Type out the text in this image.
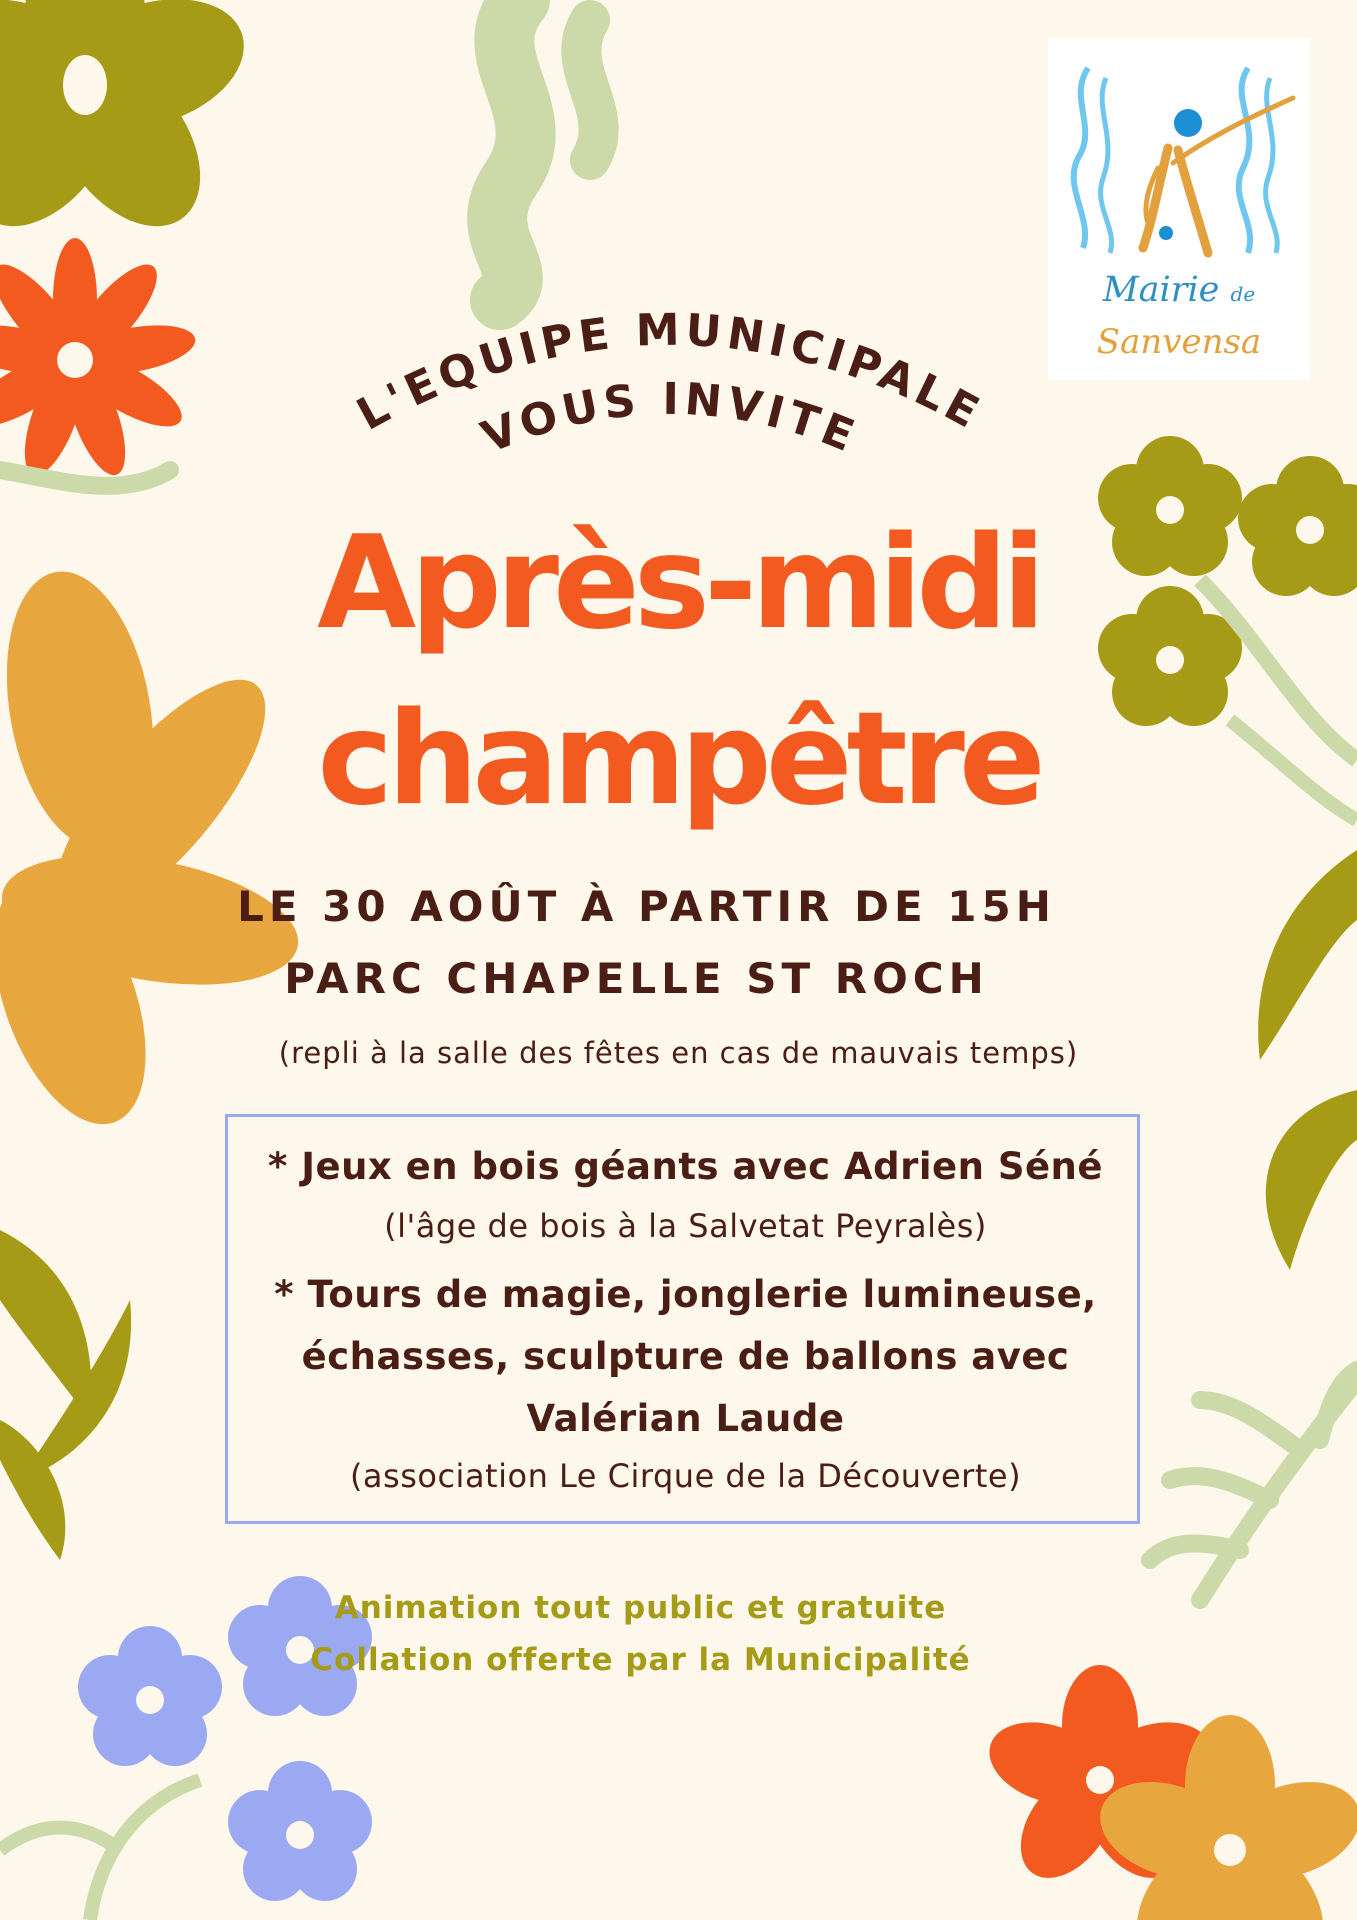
Mairie de
Sanvensa
L'EQUIPE MUNICIPALE
VOUS INVITE
Après-midi
champêtre
LE 30 AOÛT À PARTIR DE 15H
PARC CHAPELLE ST ROCH
(repli à la salle des fêtes en cas de mauvais temps)
* Jeux en bois géants avec Adrien Séné
(l'âge de bois à la Salvetat Peyralès)
* Tours de magie, jonglerie lumineuse,
échasses, sculpture de ballons avec
Valérian Laude
(association Le Cirque de la Découverte)
Animation tout public et gratuite
Collation offerte par la Municipalité
